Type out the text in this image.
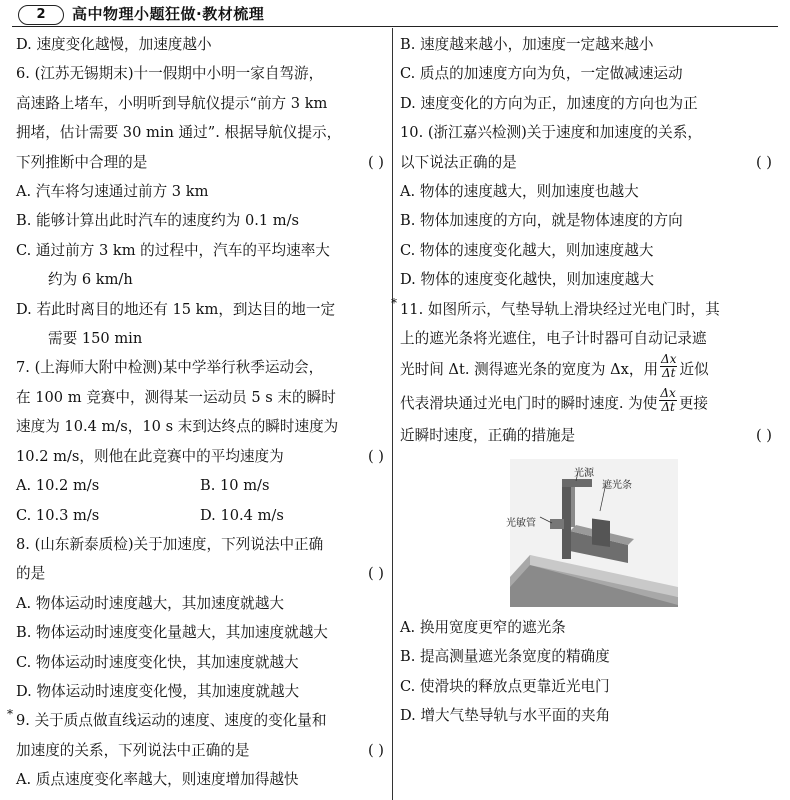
2	高中物理小题狂做·教材梳理
D. 速度变化越慢，加速度越小
6. (江苏无锡期末)十一假期中小明一家自驾游，
高速路上堵车，小明听到导航仪提示“前方 3 km
拥堵，估计需要 30 min 通过”. 根据导航仪提示，
下列推断中合理的是	( )
A. 汽车将匀速通过前方 3 km
B. 能够计算出此时汽车的速度约为 0.1 m/s
C. 通过前方 3 km 的过程中，汽车的平均速率大
约为 6 km/h
D. 若此时离目的地还有 15 km，到达目的地一定
需要 150 min
7. (上海师大附中检测)某中学举行秋季运动会，
在 100 m 竞赛中，测得某一运动员 5 s 末的瞬时
速度为 10.4 m/s，10 s 末到达终点的瞬时速度为
10.2 m/s，则他在此竞赛中的平均速度为	( )
A. 10.2 m/s	B. 10 m/s
C. 10.3 m/s	D. 10.4 m/s
8. (山东新泰质检)关于加速度，下列说法中正确
的是	( )
A. 物体运动时速度越大，其加速度就越大
B. 物体运动时速度变化量越大，其加速度就越大
C. 物体运动时速度变化快，其加速度就越大
D. 物体运动时速度变化慢，其加速度就越大
* 9. 关于质点做直线运动的速度、速度的变化量和
加速度的关系，下列说法中正确的是	( )
A. 质点速度变化率越大，则速度增加得越快
B. 速度越来越小，加速度一定越来越小
C. 质点的加速度方向为负，一定做减速运动
D. 速度变化的方向为正，加速度的方向也为正
10. (浙江嘉兴检测)关于速度和加速度的关系，
以下说法正确的是	( )
A. 物体的速度越大，则加速度也越大
B. 物体加速度的方向，就是物体速度的方向
C. 物体的速度变化越大，则加速度越大
D. 物体的速度变化越快，则加速度越大
* 11. 如图所示，气垫导轨上滑块经过光电门时，其
上的遮光条将光遮住，电子计时器可自动记录遮
光时间 Δt. 测得遮光条的宽度为 Δx，用 $\frac{\Delta x}{\Delta t}$ 近似
代表滑块通过光电门时的瞬时速度. 为使 $\frac{\Delta x}{\Delta t}$ 更接
近瞬时速度，正确的措施是	( )
光源
遮光条
光敏管
A. 换用宽度更窄的遮光条
B. 提高测量遮光条宽度的精确度
C. 使滑块的释放点更靠近光电门
D. 增大气垫导轨与水平面的夹角
